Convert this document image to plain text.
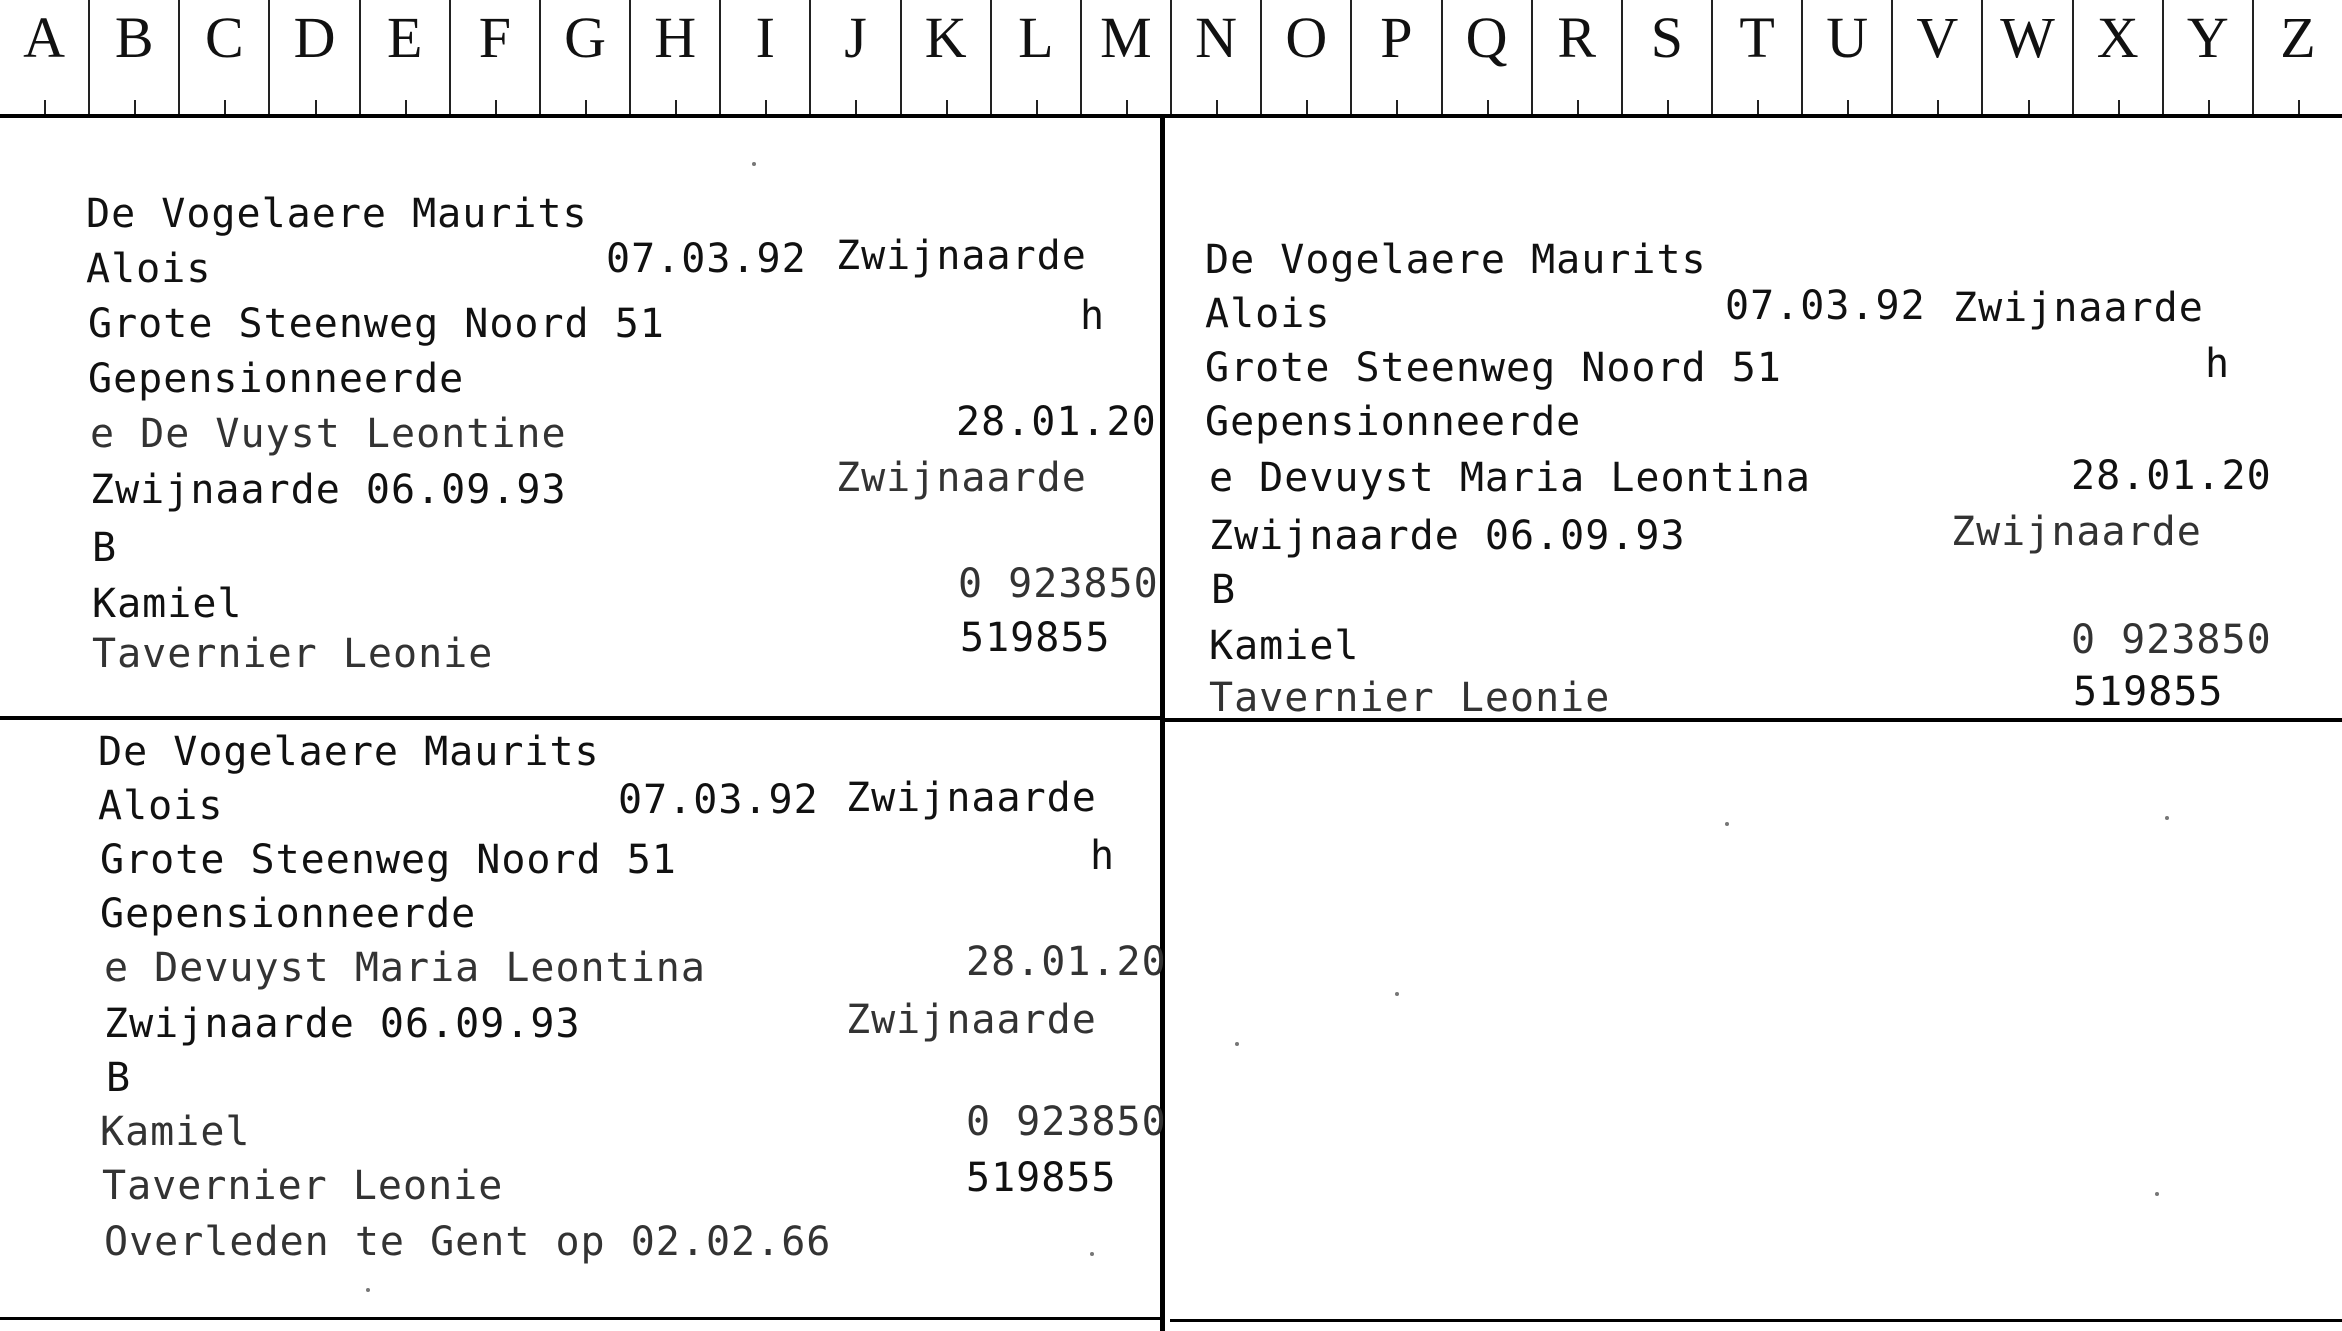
A B C D E F G H	I	J K L M N O P Q R S T U V W X Y Z
De Vogelaere Maurits
Alois	07.03.92 Zwijnaarde
Grote Steenweg Noord 51	h
Gepensionneerde
e De Vuyst Leontine	28.01.20
Zwijnaarde 06.09.93	Zwijnaarde
B
Kamiel	0 923850
Tavernier Leonie	519855
De Vogelaere Maurits
Alois	07.03.92 Zwijnaarde
Grote Steenweg Noord 51	h
Gepensionneerde
e Devuyst Maria Leontina	28.01.20
Zwijnaarde 06.09.93	Zwijnaarde
B
Kamiel	0 923850
Tavernier Leonie	519855
De Vogelaere Maurits
Alois	07.03.92 Zwijnaarde
Grote Steenweg Noord 51	h
Gepensionneerde
e Devuyst Maria Leontina	28.01.20
Zwijnaarde 06.09.93	Zwijnaarde
B
Kamiel	0 923850
Tavernier Leonie	519855
Overleden te Gent op 02.02.66
